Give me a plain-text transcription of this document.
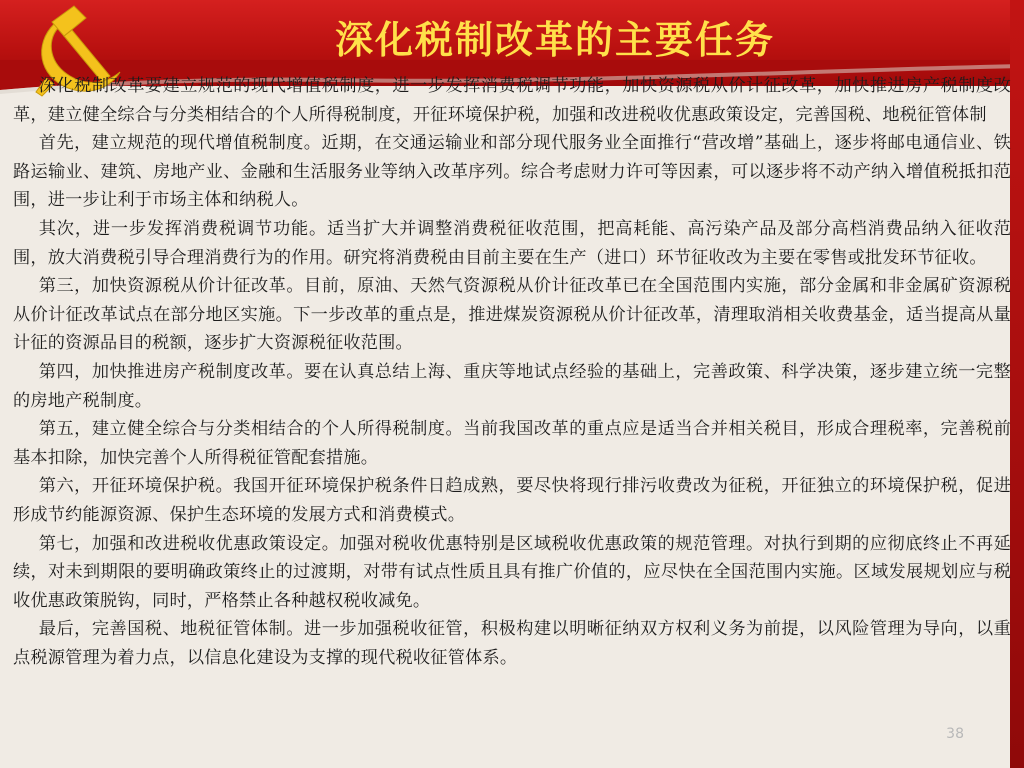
深化税制改革的主要任务

深化税制改革要建立规范的现代增值税制度，进一步发挥消费税调节功能，加快资源税从价计征改革，加快推进房产税制度改革，建立健全综合与分类相结合的个人所得税制度，开征环境保护税，加强和改进税收优惠政策设定，完善国税、地税征管体制

首先，建立规范的现代增值税制度。近期，在交通运输业和部分现代服务业全面推行“营改增”基础上，逐步将邮电通信业、铁路运输业、建筑、房地产业、金融和生活服务业等纳入改革序列。综合考虑财力许可等因素，可以逐步将不动产纳入增值税抵扣范围，进一步让利于市场主体和纳税人。

其次，进一步发挥消费税调节功能。适当扩大并调整消费税征收范围，把高耗能、高污染产品及部分高档消费品纳入征收范围，放大消费税引导合理消费行为的作用。研究将消费税由目前主要在生产（进口）环节征收改为主要在零售或批发环节征收。

第三，加快资源税从价计征改革。目前，原油、天然气资源税从价计征改革已在全国范围内实施，部分金属和非金属矿资源税从价计征改革试点在部分地区实施。下一步改革的重点是，推进煤炭资源税从价计征改革，清理取消相关收费基金，适当提高从量计征的资源品目的税额，逐步扩大资源税征收范围。

第四，加快推进房产税制度改革。要在认真总结上海、重庆等地试点经验的基础上，完善政策、科学决策，逐步建立统一完整的房地产税制度。

第五，建立健全综合与分类相结合的个人所得税制度。当前我国改革的重点应是适当合并相关税目，形成合理税率，完善税前基本扣除，加快完善个人所得税征管配套措施。

第六，开征环境保护税。我国开征环境保护税条件日趋成熟，要尽快将现行排污收费改为征税，开征独立的环境保护税，促进形成节约能源资源、保护生态环境的发展方式和消费模式。

第七，加强和改进税收优惠政策设定。加强对税收优惠特别是区域税收优惠政策的规范管理。对执行到期的应彻底终止不再延续，对未到期限的要明确政策终止的过渡期，对带有试点性质且具有推广价值的，应尽快在全国范围内实施。区域发展规划应与税收优惠政策脱钩，同时，严格禁止各种越权税收减免。

最后，完善国税、地税征管体制。进一步加强税收征管，积极构建以明晰征纳双方权利义务为前提，以风险管理为导向，以重点税源管理为着力点，以信息化建设为支撑的现代税收征管体系。

38
